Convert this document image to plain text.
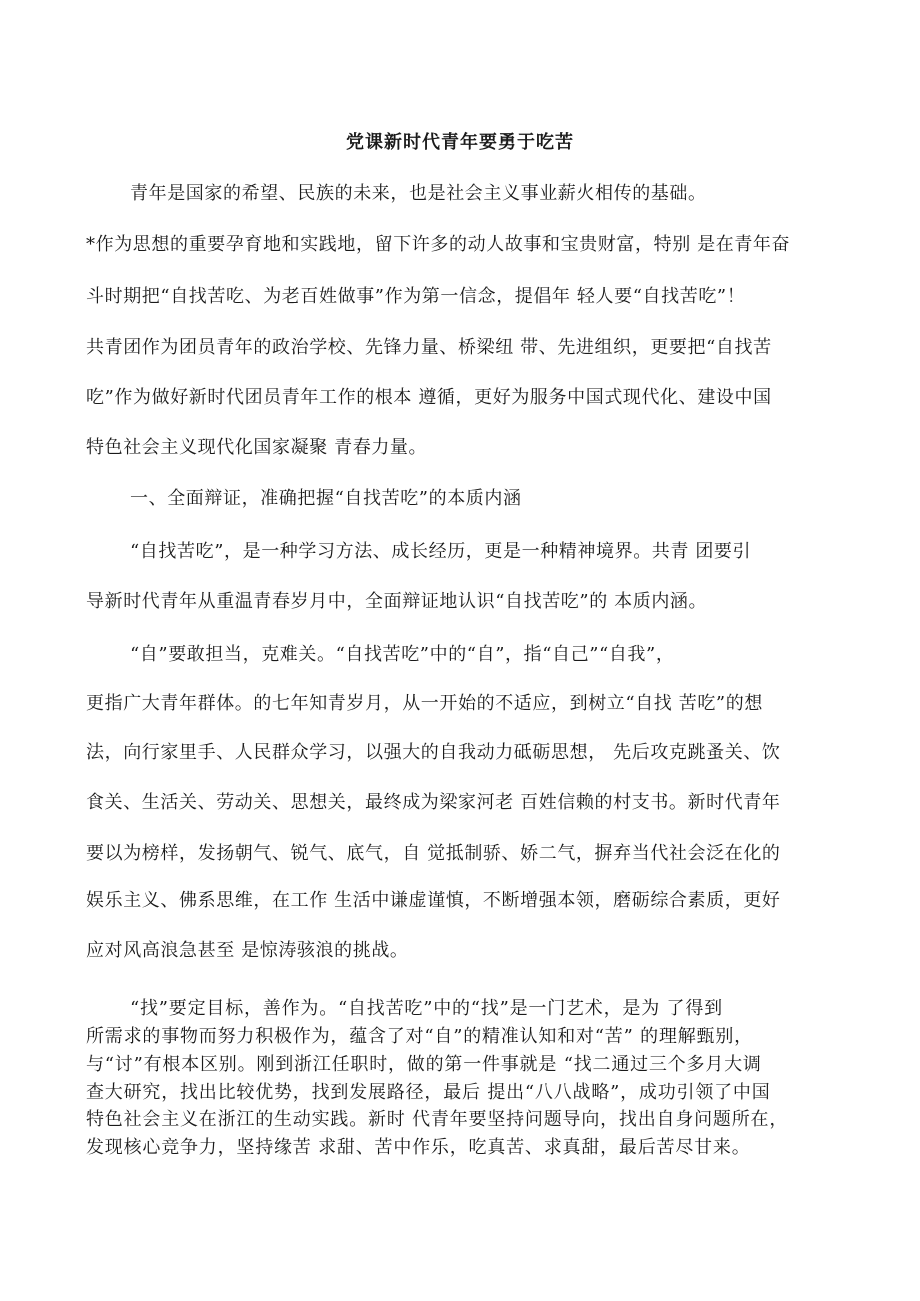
党课新时代青年要勇于吃苦
青年是国家的希望、民族的未来，也是社会主义事业薪火相传的基础。
*作为思想的重要孕育地和实践地，留下许多的动人故事和宝贵财富，特别 是在青年奋
斗时期把“自找苦吃、为老百姓做事”作为第一信念，提倡年 轻人要“自找苦吃”！
共青团作为团员青年的政治学校、先锋力量、桥梁纽 带、先进组织，更要把“自找苦
吃”作为做好新时代团员青年工作的根本 遵循，更好为服务中国式现代化、建设中国
特色社会主义现代化国家凝聚 青春力量。
一、全面辩证，准确把握“自找苦吃”的本质内涵
“自找苦吃”，是一种学习方法、成长经历，更是一种精神境界。共青 团要引
导新时代青年从重温青春岁月中，全面辩证地认识“自找苦吃”的 本质内涵。
“自”要敢担当，克难关。“自找苦吃”中的“自”，指“自己”“自我”，
更指广大青年群体。的七年知青岁月，从一开始的不适应，到树立“自找 苦吃”的想
法，向行家里手、人民群众学习，以强大的自我动力砥砺思想， 先后攻克跳蚤关、饮
食关、生活关、劳动关、思想关，最终成为梁家河老 百姓信赖的村支书。新时代青年
要以为榜样，发扬朝气、锐气、底气，自 觉抵制骄、娇二气，摒弃当代社会泛在化的
娱乐主义、佛系思维，在工作 生活中谦虚谨慎，不断增强本领，磨砺综合素质，更好
应对风高浪急甚至 是惊涛骇浪的挑战。
“找”要定目标，善作为。“自找苦吃”中的“找”是一门艺术，是为 了得到
所需求的事物而努力积极作为，蕴含了对“自”的精准认知和对“苦” 的理解甄别，
与“讨”有根本区别。刚到浙江任职时，做的第一件事就是 “找二通过三个多月大调
查大研究，找出比较优势，找到发展路径，最后 提出“八八战略”，成功引领了中国
特色社会主义在浙江的生动实践。新时 代青年要坚持问题导向，找出自身问题所在，
发现核心竞争力，坚持缘苦 求甜、苦中作乐，吃真苦、求真甜，最后苦尽甘来。
